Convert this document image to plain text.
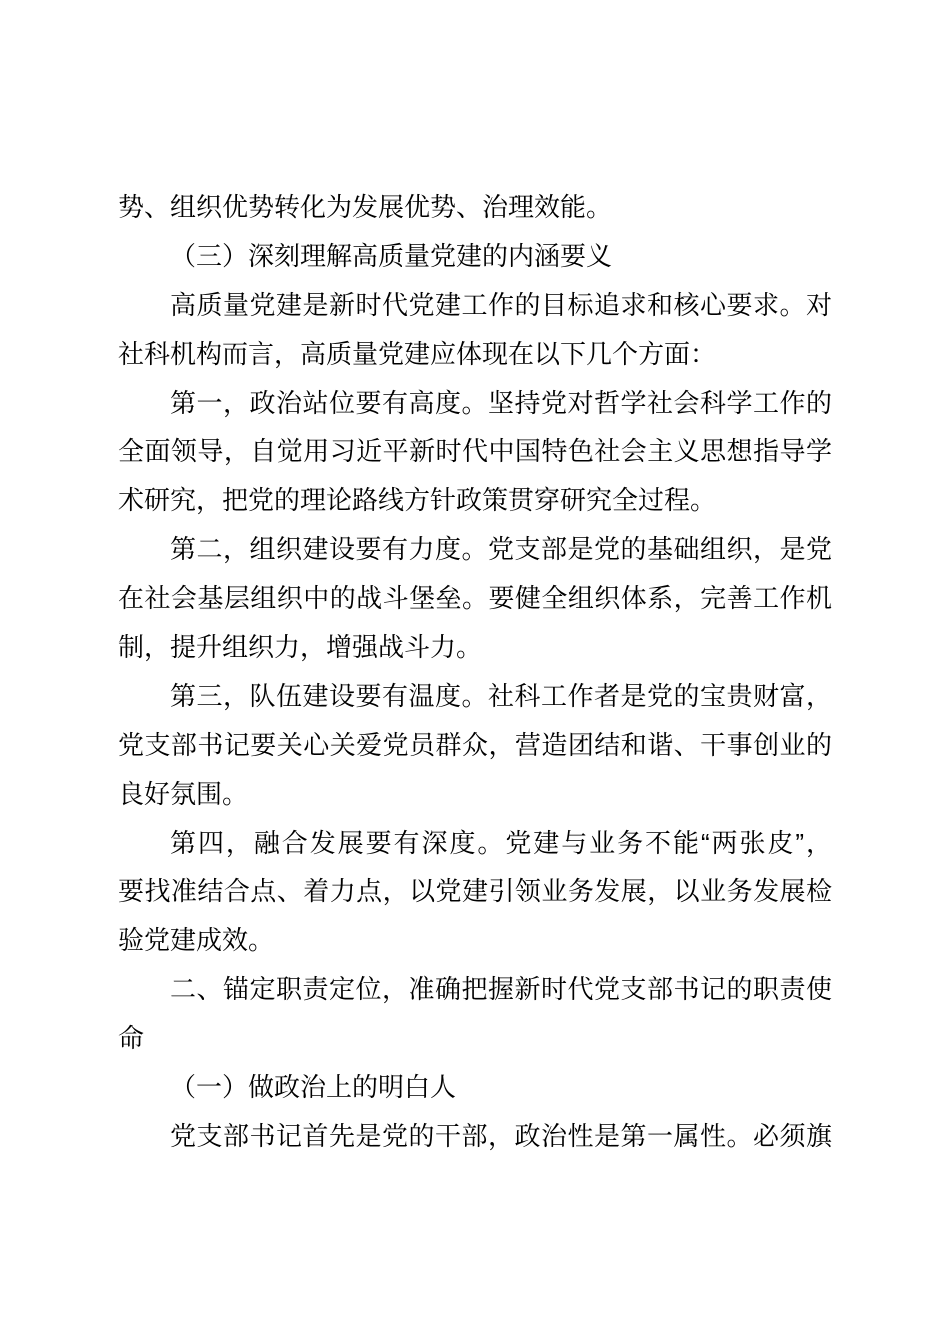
势、组织优势转化为发展优势、治理效能。
（三）深刻理解高质量党建的内涵要义
高质量党建是新时代党建工作的目标追求和核心要求。对
社科机构而言，高质量党建应体现在以下几个方面：
第一，政治站位要有高度。坚持党对哲学社会科学工作的
全面领导，自觉用习近平新时代中国特色社会主义思想指导学
术研究，把党的理论路线方针政策贯穿研究全过程。
第二，组织建设要有力度。党支部是党的基础组织，是党
在社会基层组织中的战斗堡垒。要健全组织体系，完善工作机
制，提升组织力，增强战斗力。
第三，队伍建设要有温度。社科工作者是党的宝贵财富，
党支部书记要关心关爱党员群众，营造团结和谐、干事创业的
良好氛围。
第四，融合发展要有深度。党建与业务不能“两张皮”，
要找准结合点、着力点，以党建引领业务发展，以业务发展检
验党建成效。
二、锚定职责定位，准确把握新时代党支部书记的职责使
命
（一）做政治上的明白人
党支部书记首先是党的干部，政治性是第一属性。必须旗
